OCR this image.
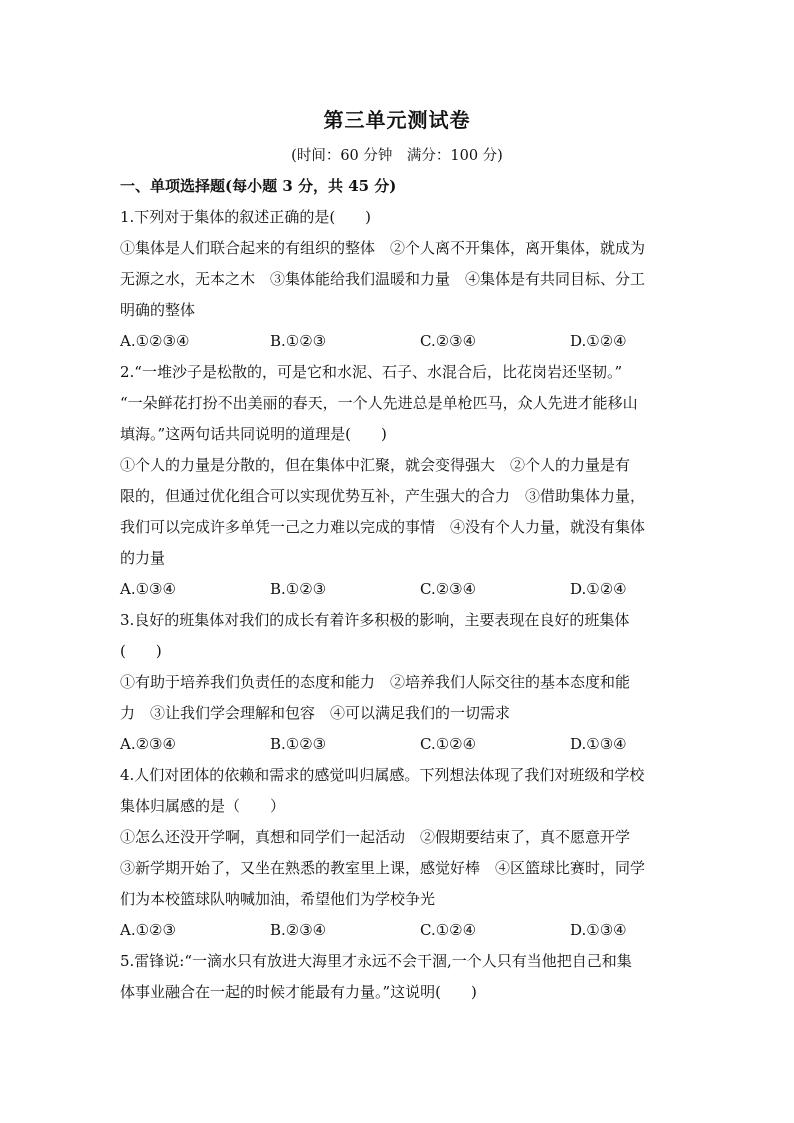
第三单元测试卷
(时间：60 分钟　满分：100 分)
一、单项选择题(每小题 3 分，共 45 分)
1.下列对于集体的叙述正确的是(　　)
①集体是人们联合起来的有组织的整体　②个人离不开集体，离开集体，就成为
无源之水，无本之木　③集体能给我们温暖和力量　④集体是有共同目标、分工
明确的整体
A.①②③④	B.①②③	C.②③④	D.①②④
2.“一堆沙子是松散的，可是它和水泥、石子、水混合后，比花岗岩还坚韧。”
“一朵鲜花打扮不出美丽的春天，一个人先进总是单枪匹马，众人先进才能移山
填海。”这两句话共同说明的道理是(　　)
①个人的力量是分散的，但在集体中汇聚，就会变得强大　②个人的力量是有
限的，但通过优化组合可以实现优势互补，产生强大的合力　③借助集体力量，
我们可以完成许多单凭一己之力难以完成的事情　④没有个人力量，就没有集体
的力量
A.①③④	B.①②③	C.②③④	D.①②④
3.良好的班集体对我们的成长有着许多积极的影响，主要表现在良好的班集体
(　　)
①有助于培养我们负责任的态度和能力　②培养我们人际交往的基本态度和能
力　③让我们学会理解和包容　④可以满足我们的一切需求
A.②③④	B.①②③	C.①②④	D.①③④
4.人们对团体的依赖和需求的感觉叫归属感。下列想法体现了我们对班级和学校
集体归属感的是（　　）
①怎么还没开学啊，真想和同学们一起活动　②假期要结束了，真不愿意开学
③新学期开始了，又坐在熟悉的教室里上课，感觉好棒　④区篮球比赛时，同学
们为本校篮球队呐喊加油，希望他们为学校争光
A.①②③	B.②③④	C.①②④	D.①③④
5.雷锋说:“一滴水只有放进大海里才永远不会干涸,一个人只有当他把自己和集
体事业融合在一起的时候才能最有力量。”这说明(　　)
